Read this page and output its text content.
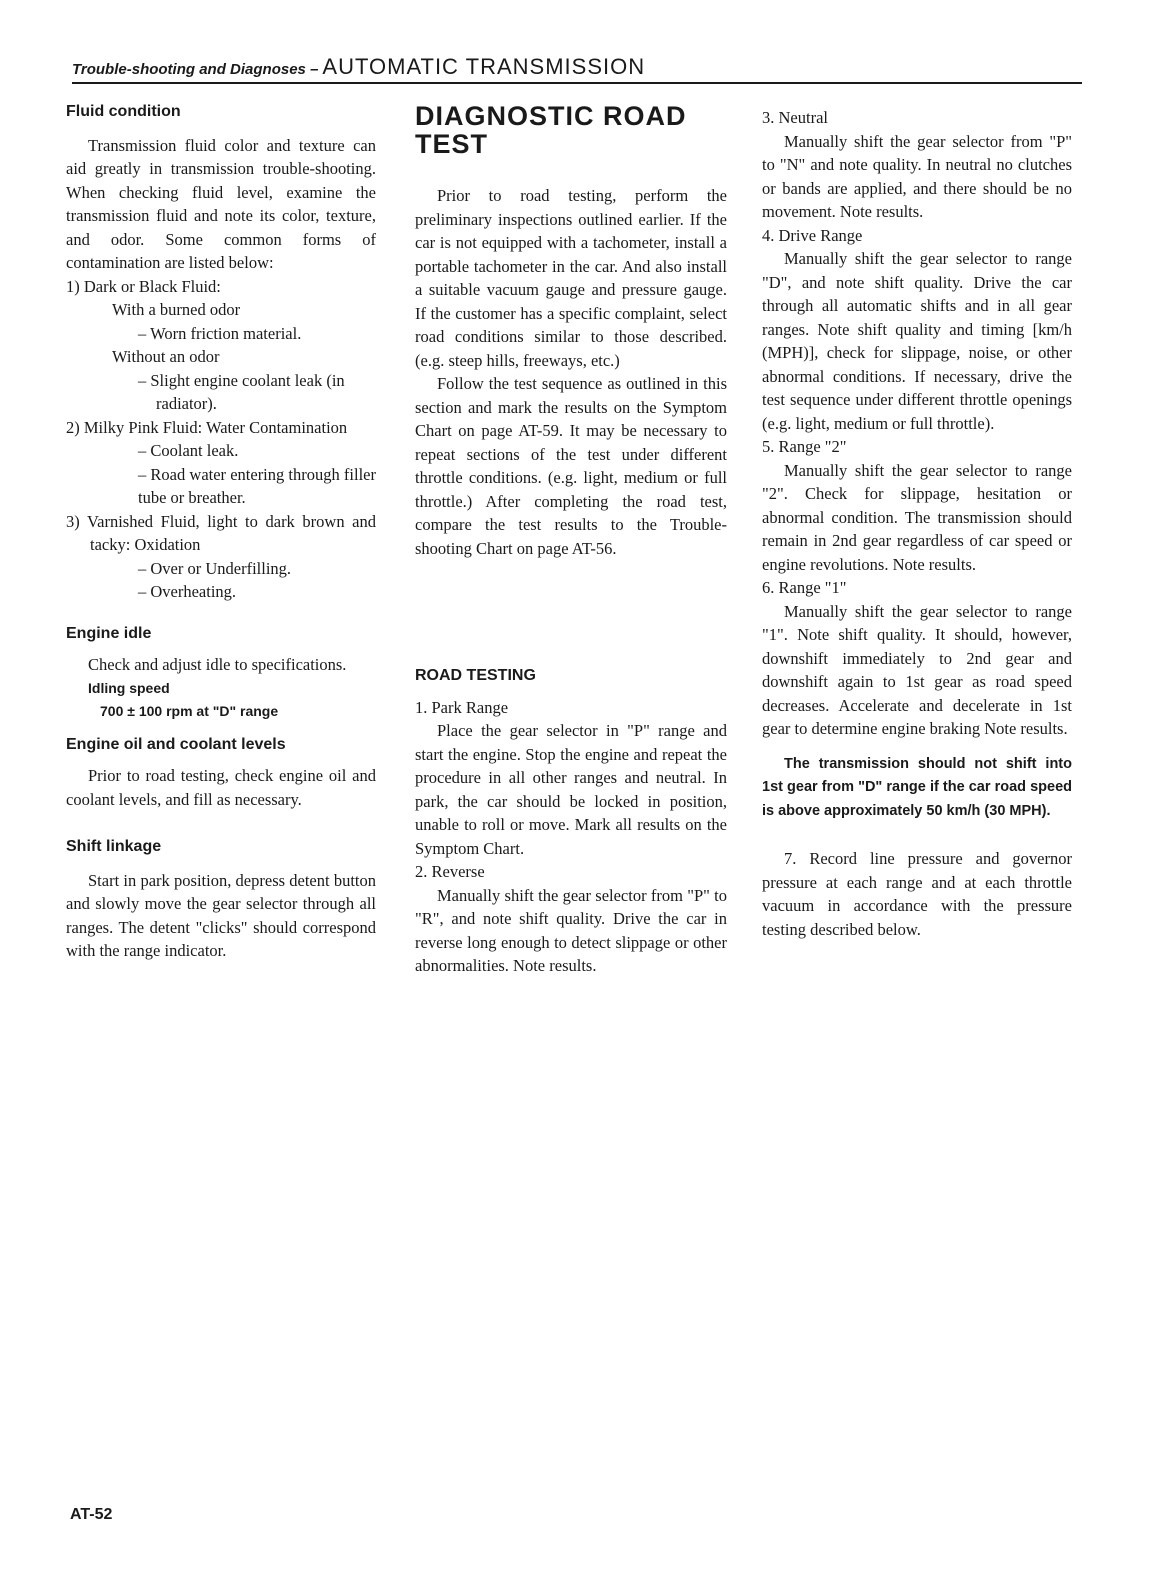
Trouble-shooting and Diagnoses – AUTOMATIC TRANSMISSION
Fluid condition

Transmission fluid color and texture can aid greatly in transmission trouble-shooting. When checking fluid level, examine the transmission fluid and note its color, texture, and odor. Some common forms of contamination are listed below:

1) Dark or Black Fluid:

With a burned odor

– Worn friction material.

Without an odor

– Slight engine coolant leak (in radiator).

2) Milky Pink Fluid: Water Contamination

– Coolant leak.

– Road water entering through filler tube or breather.

3) Varnished Fluid, light to dark brown and tacky: Oxidation

– Over or Underfilling.

– Overheating.

Engine idle

Check and adjust idle to specifications.

Idling speed

700 ± 100 rpm at "D" range

Engine oil and coolant levels

Prior to road testing, check engine oil and coolant levels, and fill as necessary.

Shift linkage

Start in park position, depress detent button and slowly move the gear selector through all ranges. The detent "clicks" should correspond with the range indicator.

DIAGNOSTIC ROAD TEST

Prior to road testing, perform the preliminary inspections outlined earlier. If the car is not equipped with a tachometer, install a portable tachometer in the car. And also install a suitable vacuum gauge and pressure gauge. If the customer has a specific complaint, select road conditions similar to those described. (e.g. steep hills, freeways, etc.)

Follow the test sequence as outlined in this section and mark the results on the Symptom Chart on page AT-59. It may be necessary to repeat sections of the test under different throttle conditions. (e.g. light, medium or full throttle.) After completing the road test, compare the test results to the Trouble-shooting Chart on page AT-56.

ROAD TESTING

1. Park Range

Place the gear selector in "P" range and start the engine. Stop the engine and repeat the procedure in all other ranges and neutral. In park, the car should be locked in position, unable to roll or move. Mark all results on the Symptom Chart.

2. Reverse

Manually shift the gear selector from "P" to "R", and note shift quality. Drive the car in reverse long enough to detect slippage or other abnormalities. Note results.

3. Neutral

Manually shift the gear selector from "P" to "N" and note quality. In neutral no clutches or bands are applied, and there should be no movement. Note results.

4. Drive Range

Manually shift the gear selector to range "D", and note shift quality. Drive the car through all automatic shifts and in all gear ranges. Note shift quality and timing [km/h (MPH)], check for slippage, noise, or other abnormal conditions. If necessary, drive the test sequence under different throttle openings (e.g. light, medium or full throttle).

5. Range "2"

Manually shift the gear selector to range "2". Check for slippage, hesitation or abnormal condition. The transmission should remain in 2nd gear regardless of car speed or engine revolutions. Note results.

6. Range "1"

Manually shift the gear selector to range "1". Note shift quality. It should, however, downshift immediately to 2nd gear and downshift again to 1st gear as road speed decreases. Accelerate and decelerate in 1st gear to determine engine braking Note results.

The transmission should not shift into 1st gear from "D" range if the car road speed is above approximately 50 km/h (30 MPH).

7. Record line pressure and governor pressure at each range and at each throttle vacuum in accordance with the pressure testing described below.

AT-52
